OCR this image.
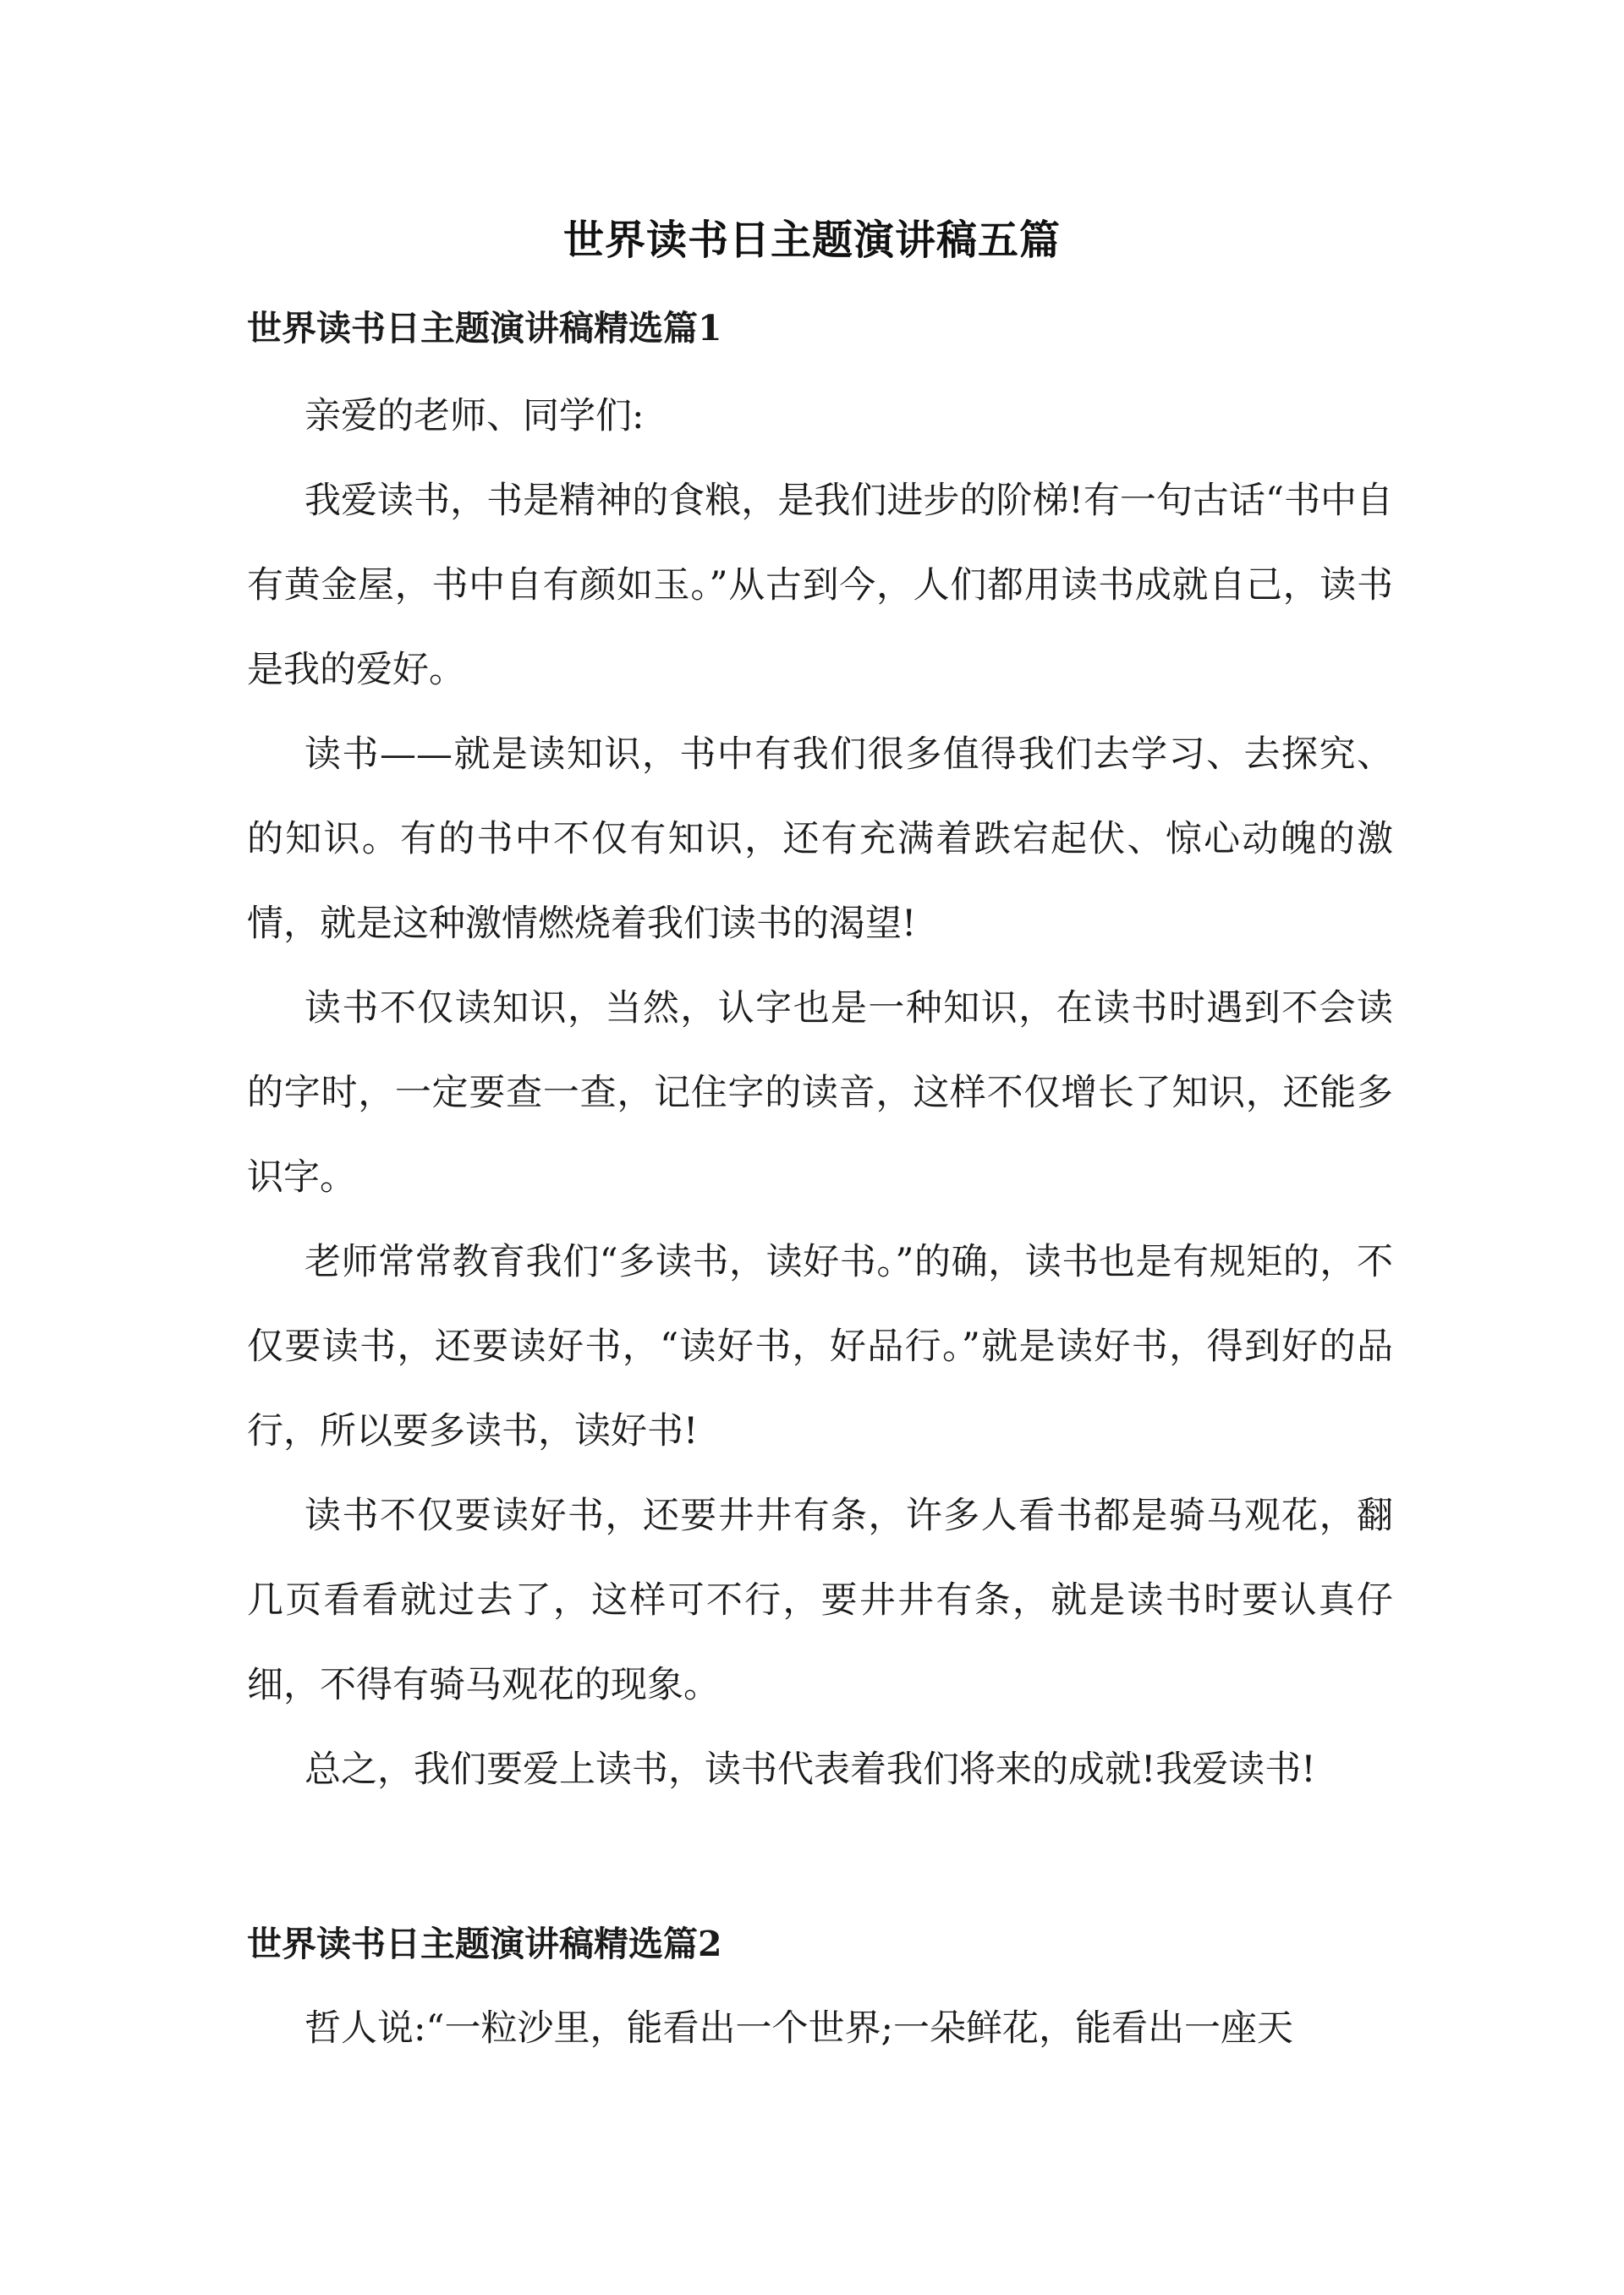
世界读书日主题演讲稿五篇
世界读书日主题演讲稿精选篇1

亲爱的老师、同学们:

我爱读书，书是精神的食粮，是我们进步的阶梯!有一句古话“书中自有黄金屋，书中自有颜如玉。”从古到今，人们都用读书成就自己，读书是我的爱好。

读书——就是读知识，书中有我们很多值得我们去学习、去探究、的知识。有的书中不仅有知识，还有充满着跌宕起伏、惊心动魄的激情，就是这种激情燃烧着我们读书的渴望!

读书不仅读知识，当然，认字也是一种知识，在读书时遇到不会读的字时，一定要查一查，记住字的读音，这样不仅增长了知识，还能多识字。

老师常常教育我们“多读书，读好书。”的确，读书也是有规矩的，不仅要读书，还要读好书，“读好书，好品行。”就是读好书，得到好的品行，所以要多读书，读好书!

读书不仅要读好书，还要井井有条，许多人看书都是骑马观花，翻几页看看就过去了，这样可不行，要井井有条，就是读书时要认真仔细，不得有骑马观花的现象。

总之，我们要爱上读书，读书代表着我们将来的成就!我爱读书!

世界读书日主题演讲稿精选篇2

哲人说:“一粒沙里，能看出一个世界;一朵鲜花，能看出一座天
